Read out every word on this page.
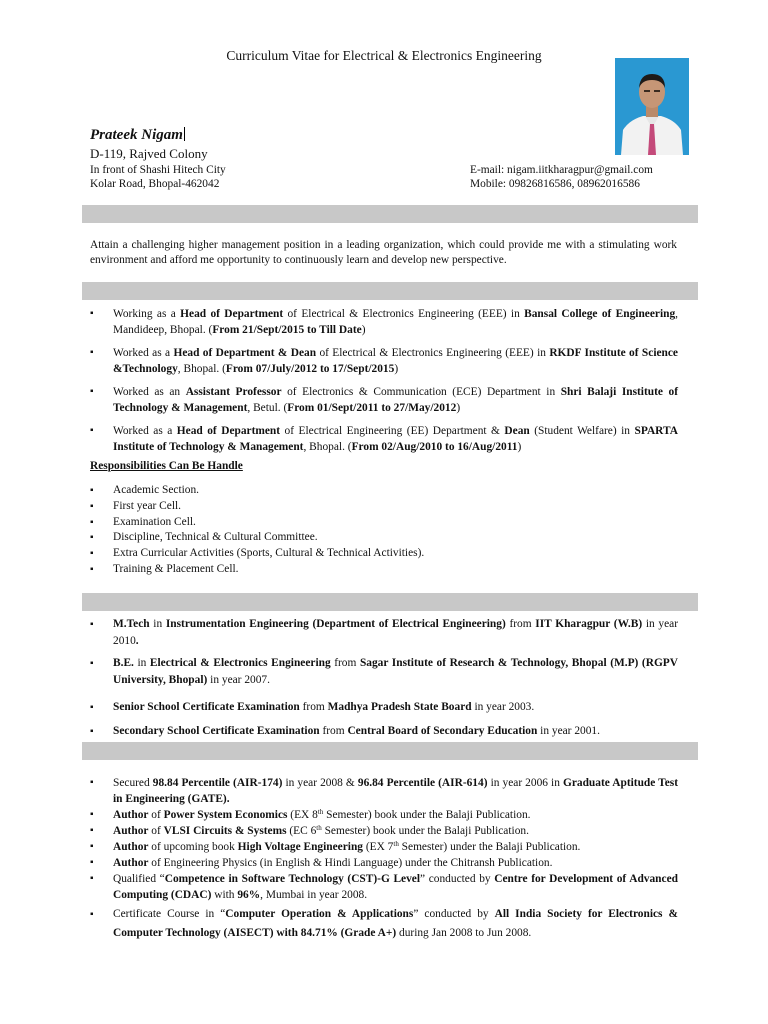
Curriculum Vitae for Electrical & Electronics Engineering
Prateek Nigam
D-119, Rajved Colony
In front of Shashi Hitech City
Kolar Road, Bhopal-462042
E-mail: nigam.iitkharagpur@gmail.com
Mobile: 09826816586, 08962016586
Attain a challenging higher management position in a leading organization, which could provide me with a stimulating work environment and afford me opportunity to continuously learn and develop new perspective.
▪ Working as a Head of Department of Electrical & Electronics Engineering (EEE) in Bansal College of Engineering, Mandideep, Bhopal. (From 21/Sept/2015 to Till Date)
▪ Worked as a Head of Department & Dean of Electrical & Electronics Engineering (EEE) in RKDF Institute of Science &Technology, Bhopal. (From 07/July/2012 to 17/Sept/2015)
▪ Worked as an Assistant Professor of Electronics & Communication (ECE) Department in Shri Balaji Institute of Technology & Management, Betul. (From 01/Sept/2011 to 27/May/2012)
▪ Worked as a Head of Department of Electrical Engineering (EE) Department & Dean (Student Welfare) in SPARTA Institute of Technology & Management, Bhopal. (From 02/Aug/2010 to 16/Aug/2011)
Responsibilities Can Be Handle
▪ Academic Section.
▪ First year Cell.
▪ Examination Cell.
▪ Discipline, Technical & Cultural Committee.
▪ Extra Curricular Activities (Sports, Cultural & Technical Activities).
▪ Training & Placement Cell.
▪ M.Tech in Instrumentation Engineering (Department of Electrical Engineering) from IIT Kharagpur (W.B) in year 2010.
▪ B.E. in Electrical & Electronics Engineering from Sagar Institute of Research & Technology, Bhopal (M.P) (RGPV University, Bhopal) in year 2007.
▪ Senior School Certificate Examination from Madhya Pradesh State Board in year 2003.
▪ Secondary School Certificate Examination from Central Board of Secondary Education in year 2001.
▪ Secured 98.84 Percentile (AIR-174) in year 2008 & 96.84 Percentile (AIR-614) in year 2006 in Graduate Aptitude Test in Engineering (GATE).
▪ Author of Power System Economics (EX 8th Semester) book under the Balaji Publication.
▪ Author of VLSI Circuits & Systems (EC 6th Semester) book under the Balaji Publication.
▪ Author of upcoming book High Voltage Engineering (EX 7th Semester) under the Balaji Publication.
▪ Author of Engineering Physics (in English & Hindi Language) under the Chitransh Publication.
▪ Qualified “Competence in Software Technology (CST)-G Level” conducted by Centre for Development of Advanced Computing (CDAC) with 96%, Mumbai in year 2008.
▪ Certificate Course in “Computer Operation & Applications” conducted by All India Society for Electronics & Computer Technology (AISECT) with 84.71% (Grade A+) during Jan 2008 to Jun 2008.
